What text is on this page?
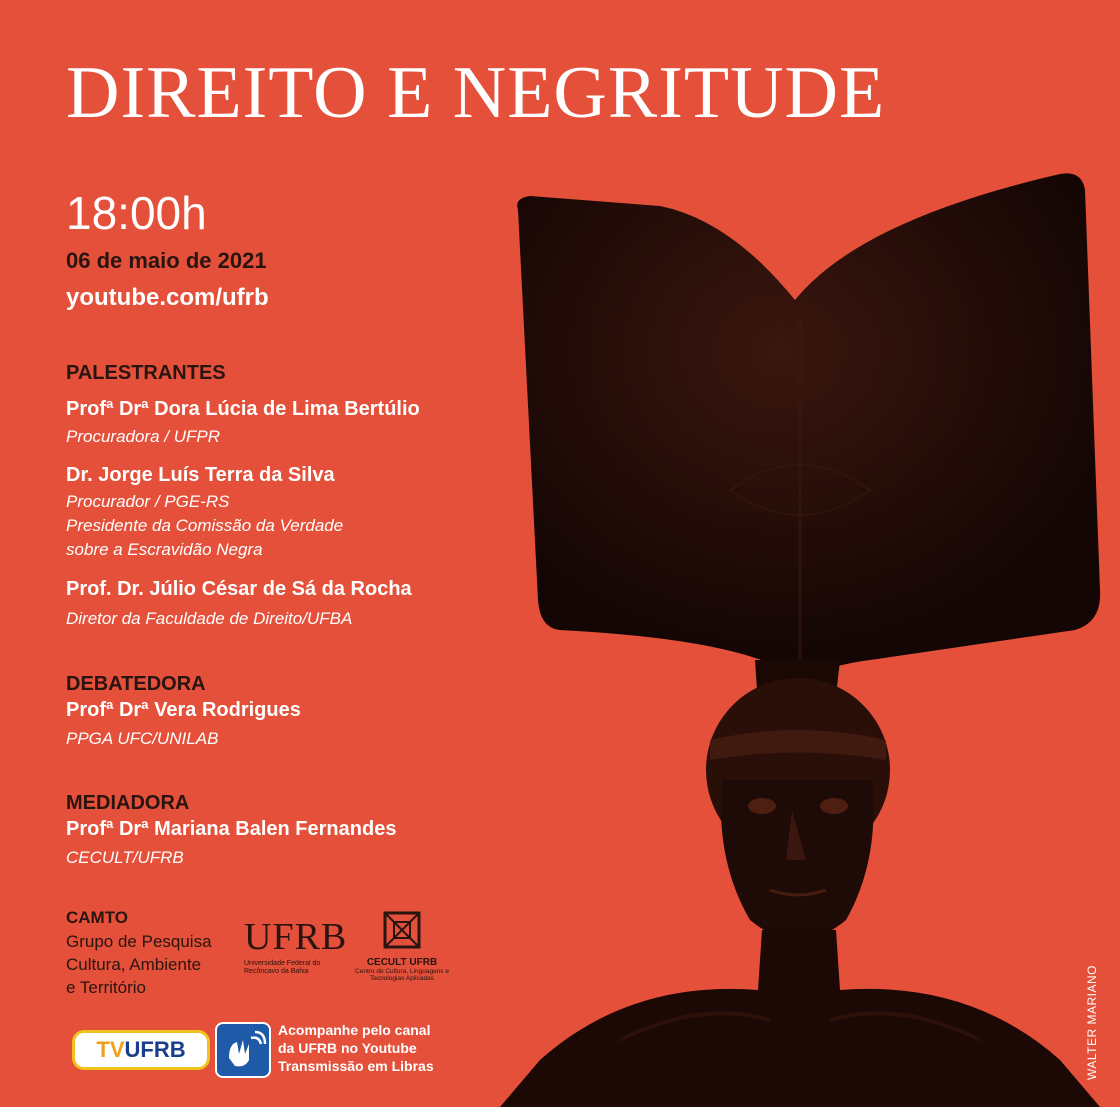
DIREITO E NEGRITUDE
18:00h
06 de maio de 2021
youtube.com/ufrb
PALESTRANTES
Profª Drª Dora Lúcia de Lima Bertúlio
Procuradora / UFPR
Dr. Jorge Luís Terra da Silva
Procurador / PGE-RS
Presidente da Comissão da Verdade
sobre a Escravidão Negra
Prof. Dr. Júlio César de Sá da Rocha
Diretor da Faculdade de Direito/UFBA
DEBATEDORA
Profª Drª Vera Rodrigues
PPGA UFC/UNILAB
MEDIADORA
Profª Drª Mariana Balen Fernandes
CECULT/UFRB
CAMTO
Grupo de Pesquisa
Cultura, Ambiente
e Território
UFRB
Universidade Federal do Recôncavo da Bahia
CECULT UFRB
Centro de Cultura, Linguagens e Tecnologias Aplicadas
TV UFRB
Acompanhe pelo canal
da UFRB no Youtube
Transmissão em Libras	WALTER MARIANO
